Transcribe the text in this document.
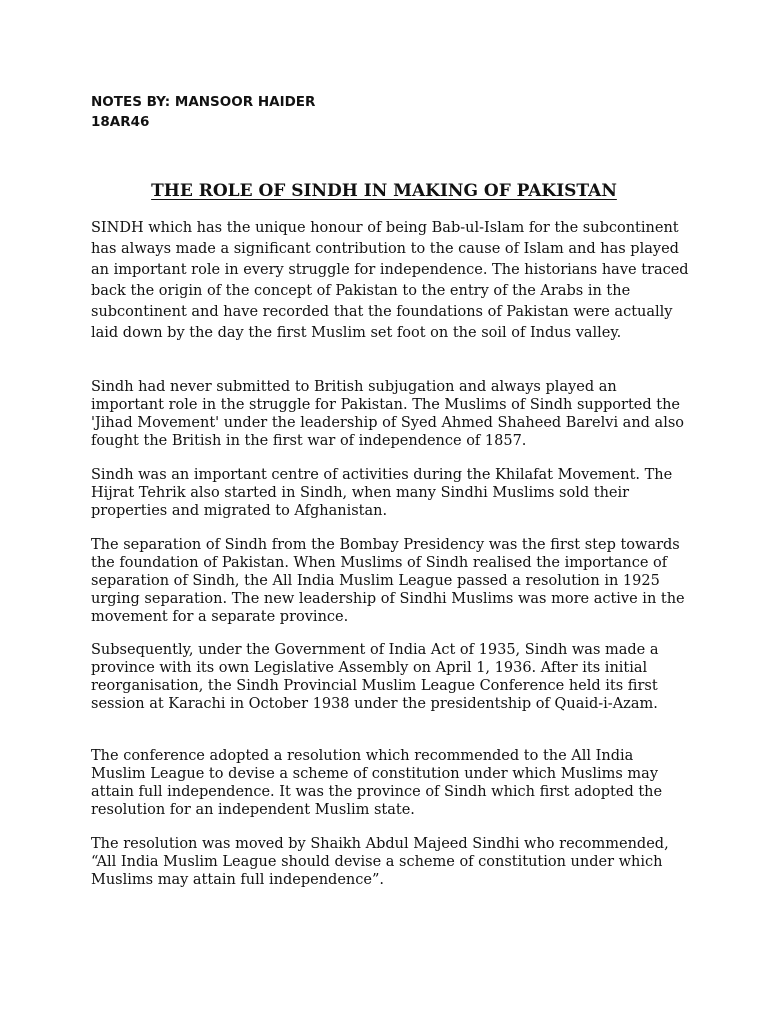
NOTES BY: MANSOOR HAIDER
18AR46
THE ROLE OF SINDH IN MAKING OF PAKISTAN

SINDH which has the unique honour of being Bab-ul-Islam for the subcontinent has always made a significant contribution to the cause of Islam and has played an important role in every struggle for independence. The historians have traced back the origin of the concept of Pakistan to the entry of the Arabs in the subcontinent and have recorded that the foundations of Pakistan were actually laid down by the day the first Muslim set foot on the soil of Indus valley.

Sindh had never submitted to British subjugation and always played an important role in the struggle for Pakistan. The Muslims of Sindh supported the 'Jihad Movement' under the leadership of Syed Ahmed Shaheed Barelvi and also fought the British in the first war of independence of 1857.

Sindh was an important centre of activities during the Khilafat Movement. The Hijrat Tehrik also started in Sindh, when many Sindhi Muslims sold their properties and migrated to Afghanistan.

The separation of Sindh from the Bombay Presidency was the first step towards the foundation of Pakistan. When Muslims of Sindh realised the importance of separation of Sindh, the All India Muslim League passed a resolution in 1925 urging separation. The new leadership of Sindhi Muslims was more active in the movement for a separate province.

Subsequently, under the Government of India Act of 1935, Sindh was made a province with its own Legislative Assembly on April 1, 1936. After its initial reorganisation, the Sindh Provincial Muslim League Conference held its first session at Karachi in October 1938 under the presidentship of Quaid-i-Azam.

The conference adopted a resolution which recommended to the All India Muslim League to devise a scheme of constitution under which Muslims may attain full independence. It was the province of Sindh which first adopted the resolution for an independent Muslim state.

The resolution was moved by Shaikh Abdul Majeed Sindhi who recommended, “All India Muslim League should devise a scheme of constitution under which Muslims may attain full independence”.
